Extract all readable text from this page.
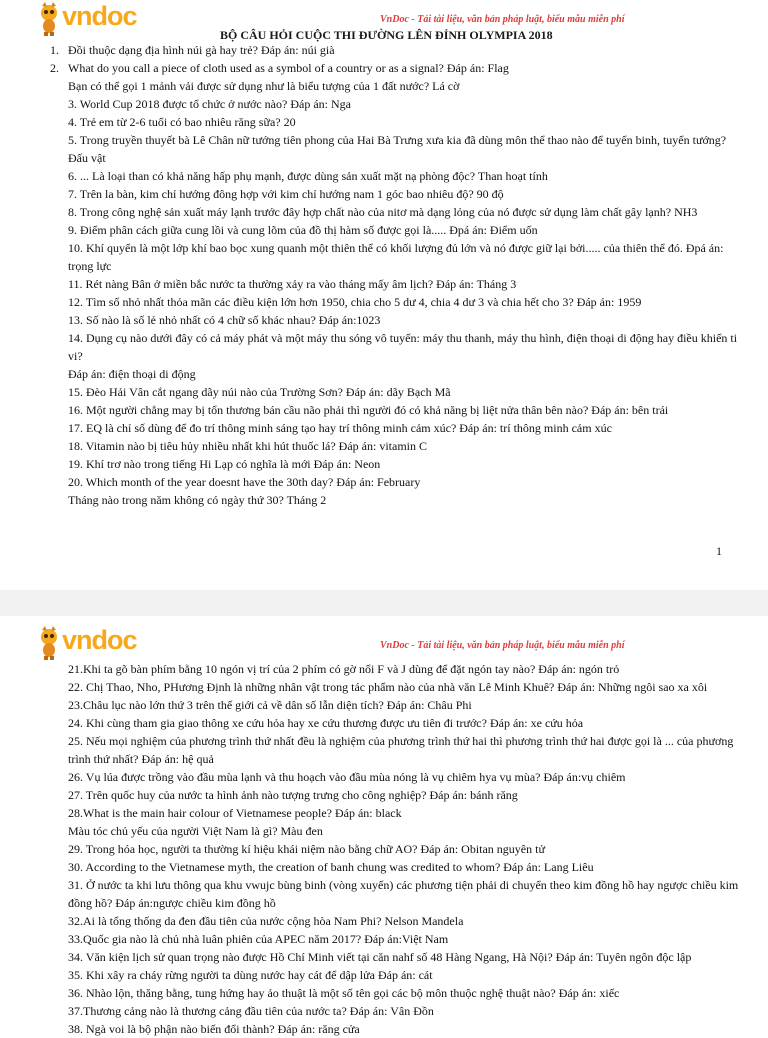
vndoc	VnDoc - Tải tài liệu, văn bản pháp luật, biểu mẫu miễn phí
BỘ CÂU HỎI CUỘC THI ĐƯỜNG LÊN ĐỈNH OLYMPIA 2018
1. Đồi thuộc dạng địa hình núi gà hay trẻ? Đáp án: núi già
2. What do you call a piece of cloth used as a symbol of a country or as a signal? Đáp án: Flag
Bạn có thể gọi 1 mảnh vải được sử dụng như là biểu tượng của 1 đất nước? Lá cờ
3. World Cup 2018 được tổ chức ở nước nào? Đáp án: Nga
4. Trẻ em từ 2-6 tuổi có bao nhiêu răng sữa? 20
5. Trong truyền thuyết bà Lê Chân nữ tướng tiên phong của Hai Bà Trưng xưa kia đã dùng môn thể thao nào để tuyển binh, tuyển tướng? Đấu vật
6. ... Là loại than có khả năng hấp phụ mạnh, được dùng sản xuất mặt nạ phòng độc? Than hoạt tính
7. Trên la bàn, kim chỉ hướng đông hợp với kim chỉ hướng nam 1 góc bao nhiêu độ? 90 độ
8. Trong công nghệ sản xuất máy lạnh trước đây hợp chất nào của nitơ mà dạng lỏng của nó được sử dụng làm chất gây lạnh? NH3
9. Điểm phân cách giữa cung lồi và cung lõm của đồ thị hàm số được gọi là..... Đpá án: Điểm uốn
10. Khí quyển là một lớp khí bao bọc xung quanh một thiên thể có khối lượng đủ lớn và nó được giữ lại bởi..... của thiên thể đó. Đpá án: trọng lực
11. Rét nàng Bân ở miền bắc nước ta thường xảy ra vào tháng mấy âm lịch? Đáp án: Tháng 3
12. Tìm số nhỏ nhất thỏa mãn các điều kiện lớn hơn 1950, chia cho 5 dư 4, chia 4 dư 3 và chia hết cho 3? Đáp án: 1959
13. Số nào là số lẻ nhỏ nhất có 4 chữ số khác nhau? Đáp án:1023
14. Dụng cụ nào dưới đây có cả máy phát và một máy thu sóng vô tuyến: máy thu thanh, máy thu hình, điện thoại di động hay điều khiển ti vi?
Đáp án: điện thoại di động
15. Đèo Hải Vân cắt ngang dãy núi nào của Trường Sơn? Đáp án: dãy Bạch Mã
16. Một người chẳng may bị tổn thương bán cầu não phải thì người đó có khả năng bị liệt nửa thân bên nào? Đáp án: bên trái
17. EQ là chỉ số dùng để đo trí thông minh sáng tạo hay trí thông minh cảm xúc? Đáp án: trí thông minh cảm xúc
18. Vitamin nào bị tiêu hủy nhiều nhất khi hút thuốc lá? Đáp án: vitamin C
19. Khí trơ nào trong tiếng Hi Lạp có nghĩa là mới Đáp án: Neon
20. Which month of the year doesnt have the 30th day? Đáp án: February
Tháng nào trong năm không có ngày thứ 30? Tháng 2
1
vndoc	VnDoc - Tải tài liệu, văn bản pháp luật, biểu mẫu miễn phí
21.Khi ta gõ bàn phím bằng 10 ngón vị trí của 2 phím có gờ nổi F và J dùng để đặt ngón tay nào? Đáp án: ngón trỏ
22. Chị Thao, Nho, PHương Định là những nhân vật trong tác phẩm nào của nhà văn Lê Minh Khuê? Đáp án: Những ngôi sao xa xôi
23.Châu lục nào lớn thứ 3 trên thế giới cả về dân số lẫn diện tích? Đáp án: Châu Phi
24. Khi cùng tham gia giao thông xe cứu hỏa hay xe cứu thương được ưu tiên đi trước? Đáp án: xe cứu hỏa
25. Nếu mọi nghiệm của phương trình thứ nhất đều là nghiệm của phương trình thứ hai thì phương trình thứ hai được gọi là ... của phương trình thứ nhất? Đáp án: hệ quả
26. Vụ lúa được trồng vào đầu mùa lạnh và thu hoạch vào đầu mùa nóng là vụ chiêm hya vụ mùa? Đáp án:vụ chiêm
27. Trên quốc huy của nước ta hình ảnh nào tượng trưng cho công nghiệp? Đáp án: bánh răng
28.What is the main hair colour of Vietnamese people? Đáp án: black
Màu tóc chủ yếu của người Việt Nam là gì? Màu đen
29. Trong hóa học, người ta thường kí hiệu khái niệm nào bằng chữ AO? Đáp án: Obitan nguyên tử
30. According to the Vietnamese myth, the creation of banh chung was credited to whom? Đáp án: Lang Liêu
31. Ở nước ta khi lưu thông qua khu vwujc bùng binh (vòng xuyến) các phương tiện phải di chuyển theo kim đồng hồ hay ngược chiều kim đồng hồ? Đáp án:ngược chiều kim đồng hồ
32.Ai là tổng thống da đen đầu tiên của nước cộng hòa Nam Phi? Nelson Mandela
33.Quốc gia nào là chủ nhà luân phiên của APEC năm 2017? Đáp án:Việt Nam
34. Văn kiện lịch sử quan trọng nào được Hồ Chí Minh viết tại căn nahf số 48 Hàng Ngang, Hà Nội? Đáp án: Tuyên ngôn độc lập
35. Khi xây ra cháy rừng người ta dùng nước hay cát để dập lửa Đáp án: cát
36. Nhào lộn, thăng bằng, tung hứng hay ảo thuật là một số tên gọi các bộ môn thuộc nghệ thuật nào? Đáp án: xiếc
37.Thương cảng nào là thương cảng đầu tiên của nước ta? Đáp án: Vân Đồn
38. Ngà voi là bộ phận nào biến đổi thành? Đáp án: răng cửa
